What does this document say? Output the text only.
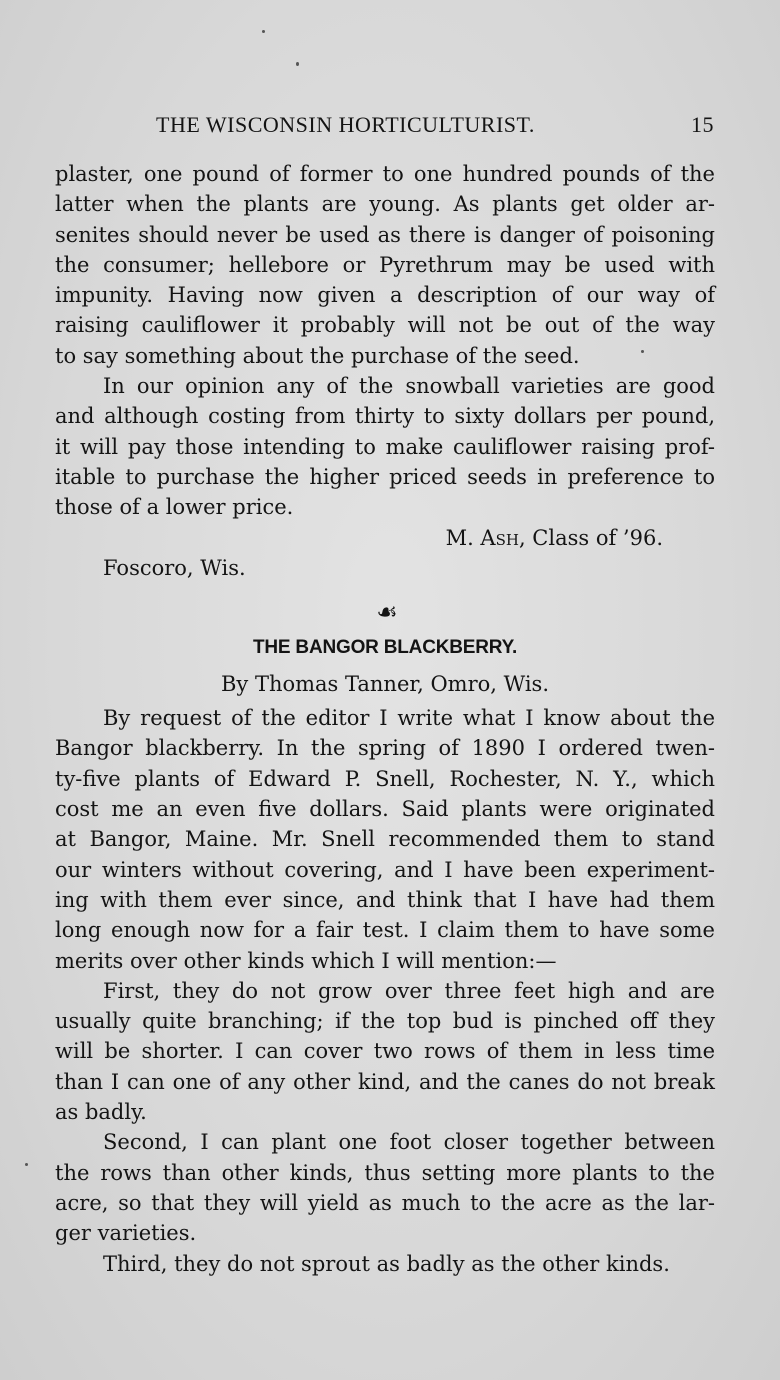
THE WISCONSIN HORTICULTURIST.	15
plaster, one pound of former to one hundred pounds of the
latter when the plants are young. As plants get older ar-
senites should never be used as there is danger of poisoning
the consumer; hellebore or Pyrethrum may be used with
impunity. Having now given a description of our way of
raising cauliflower it probably will not be out of the way
to say something about the purchase of the seed.
In our opinion any of the snowball varieties are good
and although costing from thirty to sixty dollars per pound,
it will pay those intending to make cauliflower raising prof-
itable to purchase the higher priced seeds in preference to
those of a lower price.

M. Ash, Class of ’96.

Foscoro, Wis.

☙
THE BANGOR BLACKBERRY.

By Thomas Tanner, Omro, Wis.

By request of the editor I write what I know about the
Bangor blackberry. In the spring of 1890 I ordered twen-
ty-five plants of Edward P. Snell, Rochester, N. Y., which
cost me an even five dollars. Said plants were originated
at Bangor, Maine. Mr. Snell recommended them to stand
our winters without covering, and I have been experiment-
ing with them ever since, and think that I have had them
long enough now for a fair test. I claim them to have some
merits over other kinds which I will mention:—
First, they do not grow over three feet high and are
usually quite branching; if the top bud is pinched off they
will be shorter. I can cover two rows of them in less time
than I can one of any other kind, and the canes do not break
as badly.
Second, I can plant one foot closer together between
the rows than other kinds, thus setting more plants to the
acre, so that they will yield as much to the acre as the lar-
ger varieties.
Third, they do not sprout as badly as the other kinds.
